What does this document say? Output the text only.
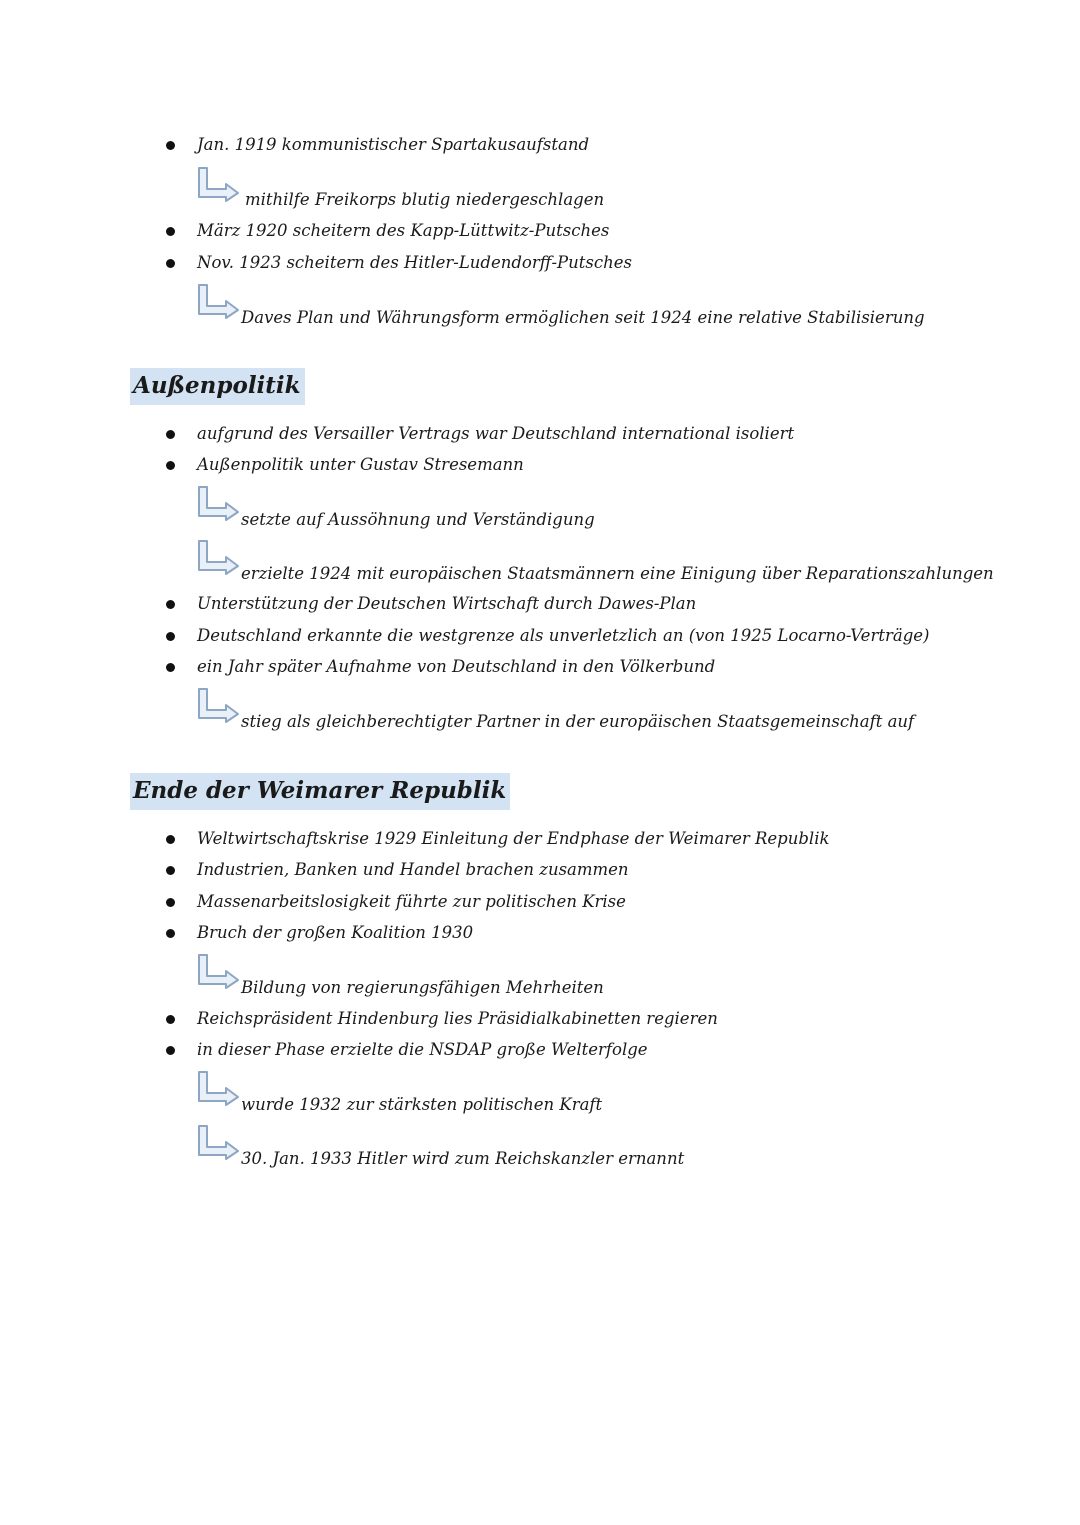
Jan. 1919 kommunistischer Spartakusaufstand
mithilfe Freikorps blutig niedergeschlagen
März 1920 scheitern des Kapp-Lüttwitz-Putsches
Nov. 1923 scheitern des Hitler-Ludendorff-Putsches
Daves Plan und Währungsform ermöglichen seit 1924 eine relative Stabilisierung
Außenpolitik
aufgrund des Versailler Vertrags war Deutschland international isoliert
Außenpolitik unter Gustav Stresemann
setzte auf Aussöhnung und Verständigung
erzielte 1924 mit europäischen Staatsmännern eine Einigung über Reparationszahlungen
Unterstützung der Deutschen Wirtschaft durch Dawes-Plan
Deutschland erkannte die westgrenze als unverletzlich an (von 1925 Locarno-Verträge)
ein Jahr später Aufnahme von Deutschland in den Völkerbund
stieg als gleichberechtigter Partner in der europäischen Staatsgemeinschaft auf
Ende der Weimarer Republik
Weltwirtschaftskrise 1929 Einleitung der Endphase der Weimarer Republik
Industrien, Banken und Handel brachen zusammen
Massenarbeitslosigkeit führte zur politischen Krise
Bruch der großen Koalition 1930
Bildung von regierungsfähigen Mehrheiten
Reichspräsident Hindenburg lies Präsidialkabinetten regieren
in dieser Phase erzielte die NSDAP große Welterfolge
wurde 1932 zur stärksten politischen Kraft
30. Jan. 1933 Hitler wird zum Reichskanzler ernannt
